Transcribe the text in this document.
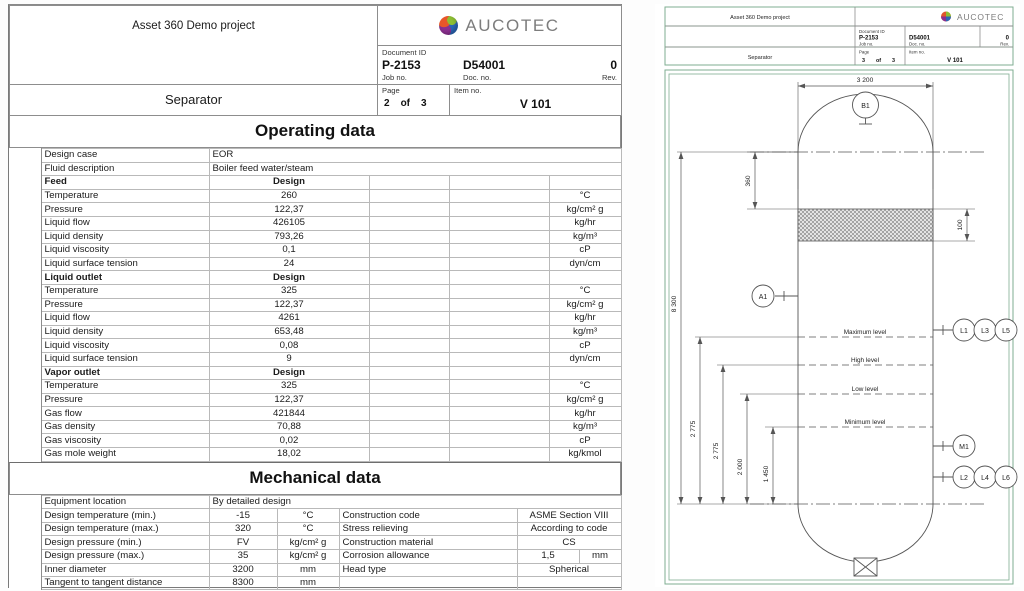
Asset 360 Demo project	AUCOTEC

Document ID
P-2153	D54001	0
Job no.	Doc. no.	Rev.

Separator	
Page
2 of 3

Item no.
V 101
Operating data
	Design case	EOR			
	Fluid description	Boiler feed water/steam			
	Feed	Design			
	Temperature	260			°C
	Pressure	122,37			kg/cm² g
	Liquid flow	426105			kg/hr
	Liquid density	793,26			kg/m³
	Liquid viscosity	0,1			cP
	Liquid surface tension	24			dyn/cm
	Liquid outlet	Design			
	Temperature	325			°C
	Pressure	122,37			kg/cm² g
	Liquid flow	4261			kg/hr
	Liquid density	653,48			kg/m³
	Liquid viscosity	0,08			cP
	Liquid surface tension	9			dyn/cm
	Vapor outlet	Design			
	Temperature	325			°C
	Pressure	122,37			kg/cm² g
	Gas flow	421844			kg/hr
	Gas density	70,88			kg/m³
	Gas viscosity	0,02			cP
	Gas mole weight	18,02			kg/kmol
Mechanical data
	Equipment location	By detailed design				
	Design temperature (min.)	-15	°C	Construction code	ASME Section VIII	
	Design temperature (max.)	320	°C	Stress relieving	According to code	
	Design pressure (min.)	FV	kg/cm² g	Construction material	CS	
	Design pressure (max.)	35	kg/cm² g	Corrosion allowance	1,5	mm
	Inner diameter	3200	mm	Head type	Spherical	
	Tangent to tangent distance	8300	mm			
Asset 360 Demo project	AUCOTEC
Document ID
P-2153
Job no.
D54001
Doc. no.
0
Rev.
Separator
Page
3 of 3
Item no.
V 101
B1
A1
L1 L3 L5
M1
L2 L4 L6
Maximum level
High level
Low level
Minimum level
3 200
360
100
8 300
2 775
2 775
2 000	1 450
